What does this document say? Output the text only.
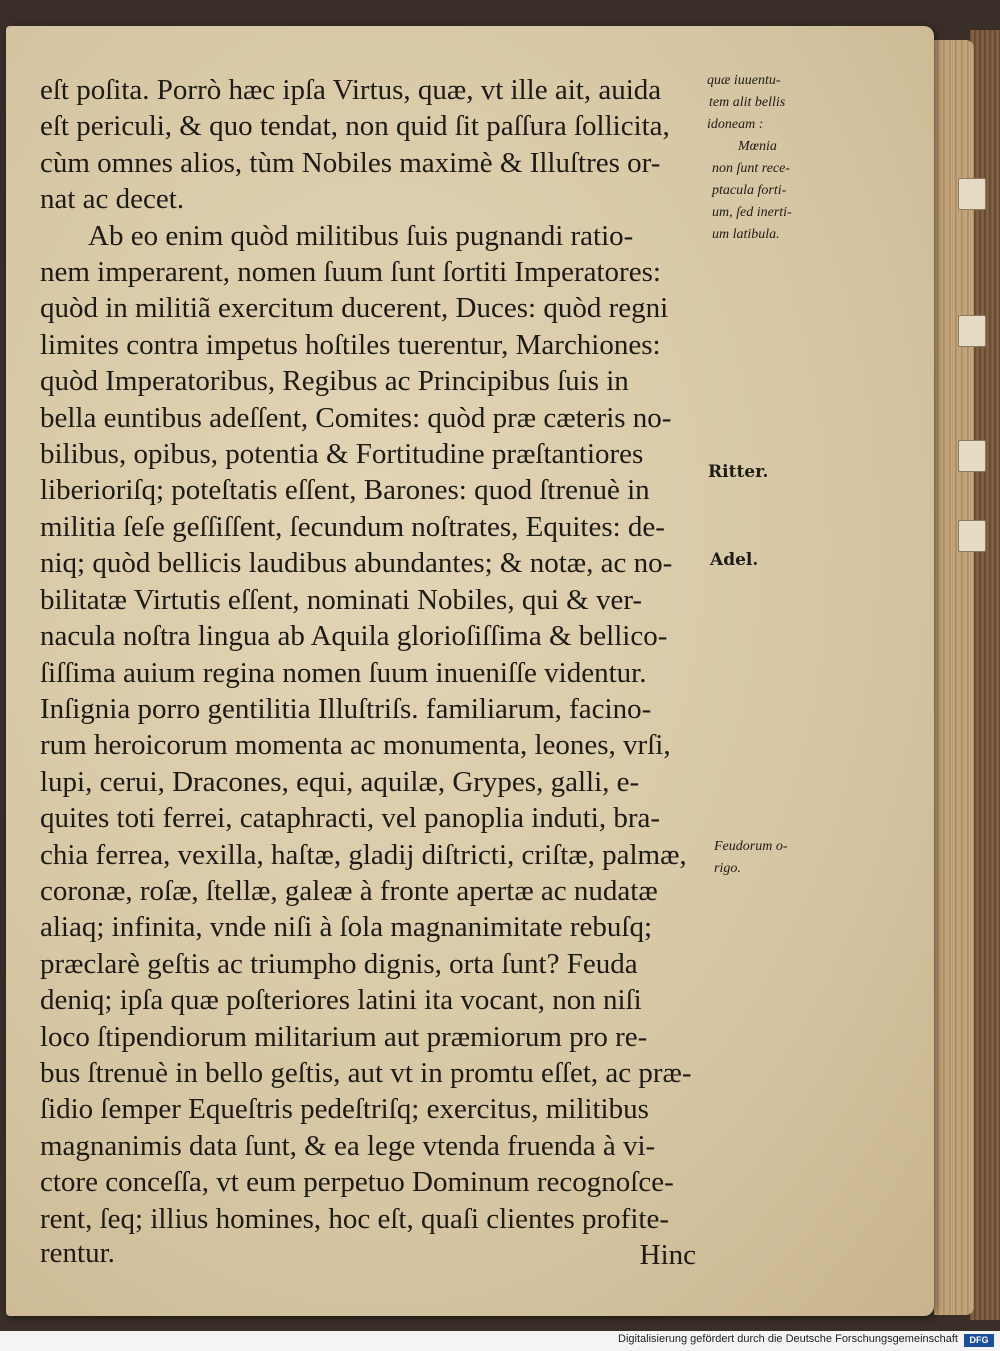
eſt poſita. Porrò hæc ipſa Virtus, quæ, vt ille ait, auida
eſt periculi, & quo tendat, non quid ſit paſſura ſollicita,
cùm omnes alios, tùm Nobiles maximè & Illuſtres or-
nat ac decet.
Ab eo enim quòd militibus ſuis pugnandi ratio-
nem imperarent, nomen ſuum ſunt ſortiti Imperatores:
quòd in militiã exercitum ducerent, Duces: quòd regni
limites contra impetus hoſtiles tuerentur, Marchiones:
quòd Imperatoribus, Regibus ac Principibus ſuis in
bella euntibus adeſſent, Comites: quòd præ cæteris no-
bilibus, opibus, potentia & Fortitudine præſtantiores
liberioriſq; poteſtatis eſſent, Barones: quod ſtrenuè in
militia ſeſe geſſiſſent, ſecundum noſtrates, Equites: de-
niq; quòd bellicis laudibus abundantes; & notæ, ac no-
bilitatæ Virtutis eſſent, nominati Nobiles, qui & ver-
nacula noſtra lingua ab Aquila glorioſiſſima & bellico-
ſiſſima auium regina nomen ſuum inueniſſe videntur.
Inſignia porro gentilitia Illuſtriſs. familiarum, facino-
rum heroicorum momenta ac monumenta, leones, vrſi,
lupi, cerui, Dracones, equi, aquilæ, Grypes, galli, e-
quites toti ferrei, cataphracti, vel panoplia induti, bra-
chia ferrea, vexilla, haſtæ, gladij diſtricti, criſtæ, palmæ,
coronæ, roſæ, ſtellæ, galeæ à fronte apertæ ac nudatæ
aliaq; infinita, vnde niſi à ſola magnanimitate rebuſq;
præclarè geſtis ac triumpho dignis, orta ſunt? Feuda
deniq; ipſa quæ poſteriores latini ita vocant, non niſi
loco ſtipendiorum militarium aut præmiorum pro re-
bus ſtrenuè in bello geſtis, aut vt in promtu eſſet, ac præ-
ſidio ſemper Equeſtris pedeſtriſq; exercitus, militibus
magnanimis data ſunt, & ea lege vtenda fruenda à vi-
ctore conceſſa, vt eum perpetuo Dominum recognoſce-
rent, ſeq; illius homines, hoc eſt, quaſi clientes profite-
Hinc
rentur.
quæ iuuentu-
tem alit bellis
idoneam :
Mœnia
non ſunt rece-
ptacula forti-
um, ſed inerti-
um latibula.
Ritter.
Adel.
Feudorum o-
rigo.
Digitalisierung gefördert durch die Deutsche Forschungsgemeinschaft	DFG
